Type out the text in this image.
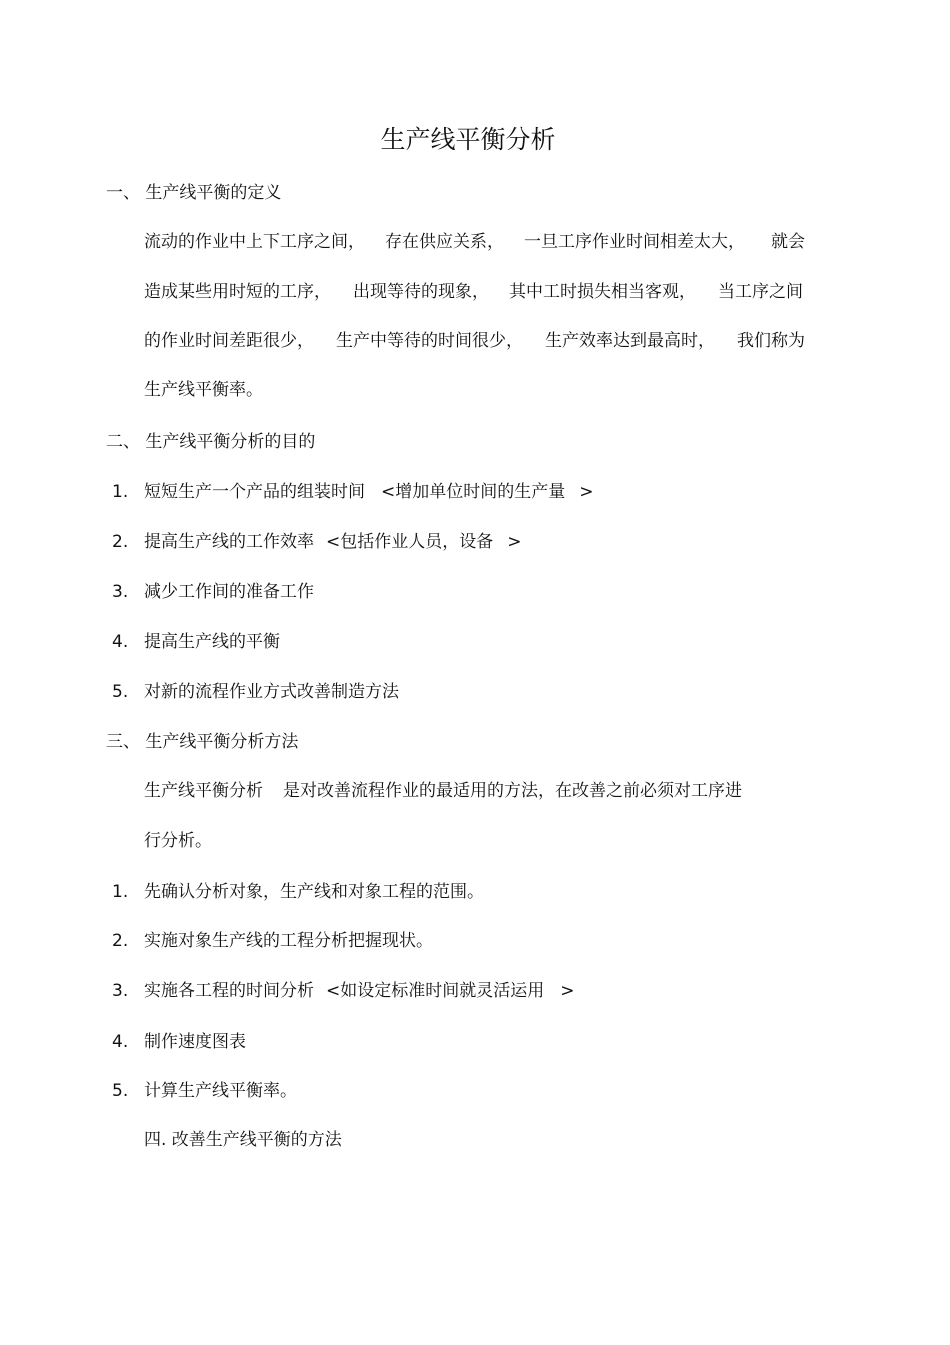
生产线平衡分析
一、 生产线平衡的定义
流动的作业中上下工序之间， 存在供应关系， 一旦工序作业时间相差太大， 就会
造成某些用时短的工序， 出现等待的现象， 其中工时损失相当客观， 当工序之间
的作业时间差距很少， 生产中等待的时间很少， 生产效率达到最高时， 我们称为
生产线平衡率。
二、 生产线平衡分析的目的
1. 短短生产一个产品的组装时间 <增加单位时间的生产量 >
2. 提高生产线的工作效率 <包括作业人员，设备 >
3. 减少工作间的准备工作
4. 提高生产线的平衡
5. 对新的流程作业方式改善制造方法
三、 生产线平衡分析方法
生产线平衡分析 是对改善流程作业的最适用的方法，在改善之前必须对工序进
行分析。
1. 先确认分析对象，生产线和对象工程的范围。
2. 实施对象生产线的工程分析把握现状。
3. 实施各工程的时间分析 <如设定标准时间就灵活运用 >
4. 制作速度图表
5. 计算生产线平衡率。
四. 改善生产线平衡的方法
